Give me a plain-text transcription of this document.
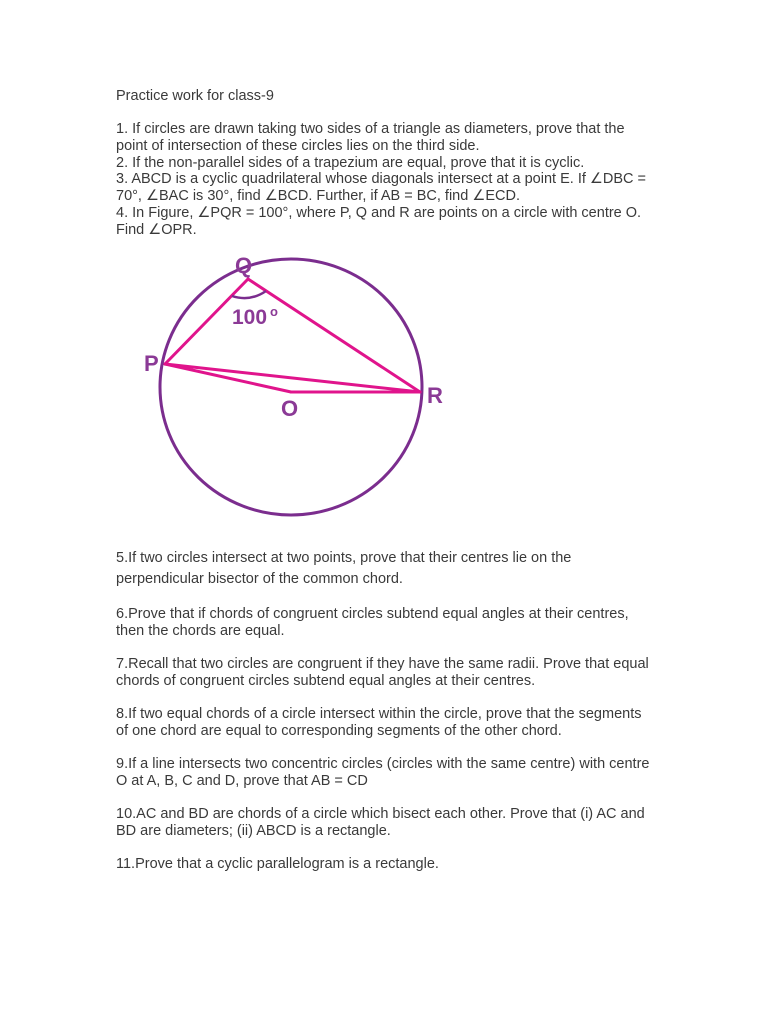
Practice work for class-9

1. If circles are drawn taking two sides of a triangle as diameters, prove that the point of intersection of these circles lies on the third side.

2. If the non-parallel sides of a trapezium are equal, prove that it is cyclic.

3. ABCD is a cyclic quadrilateral whose diagonals intersect at a point E. If ∠DBC = 70°, ∠BAC is 30°, find ∠BCD. Further, if AB = BC, find ∠ECD.

4. In Figure, ∠PQR = 100°, where P, Q and R are points on a circle with centre O. Find ∠OPR.

5.If two circles intersect at two points, prove that their centres lie on the perpendicular bisector of the common chord.

6.Prove that if chords of congruent circles subtend equal angles at their centres, then the chords are equal.

7.Recall that two circles are congruent if they have the same radii. Prove that equal chords of congruent circles subtend equal angles at their centres.

8.If two equal chords of a circle intersect within the circle, prove that the segments of one chord are equal to corresponding segments of the other chord.

9.If a line intersects two concentric circles (circles with the same centre) with centre O at A, B, C and D, prove that AB = CD

10.AC and BD are chords of a circle which bisect each other. Prove that (i) AC and BD are diameters; (ii) ABCD is a rectangle.

11.Prove that a cyclic parallelogram is a rectangle.

Q
P
R
O
100 o
